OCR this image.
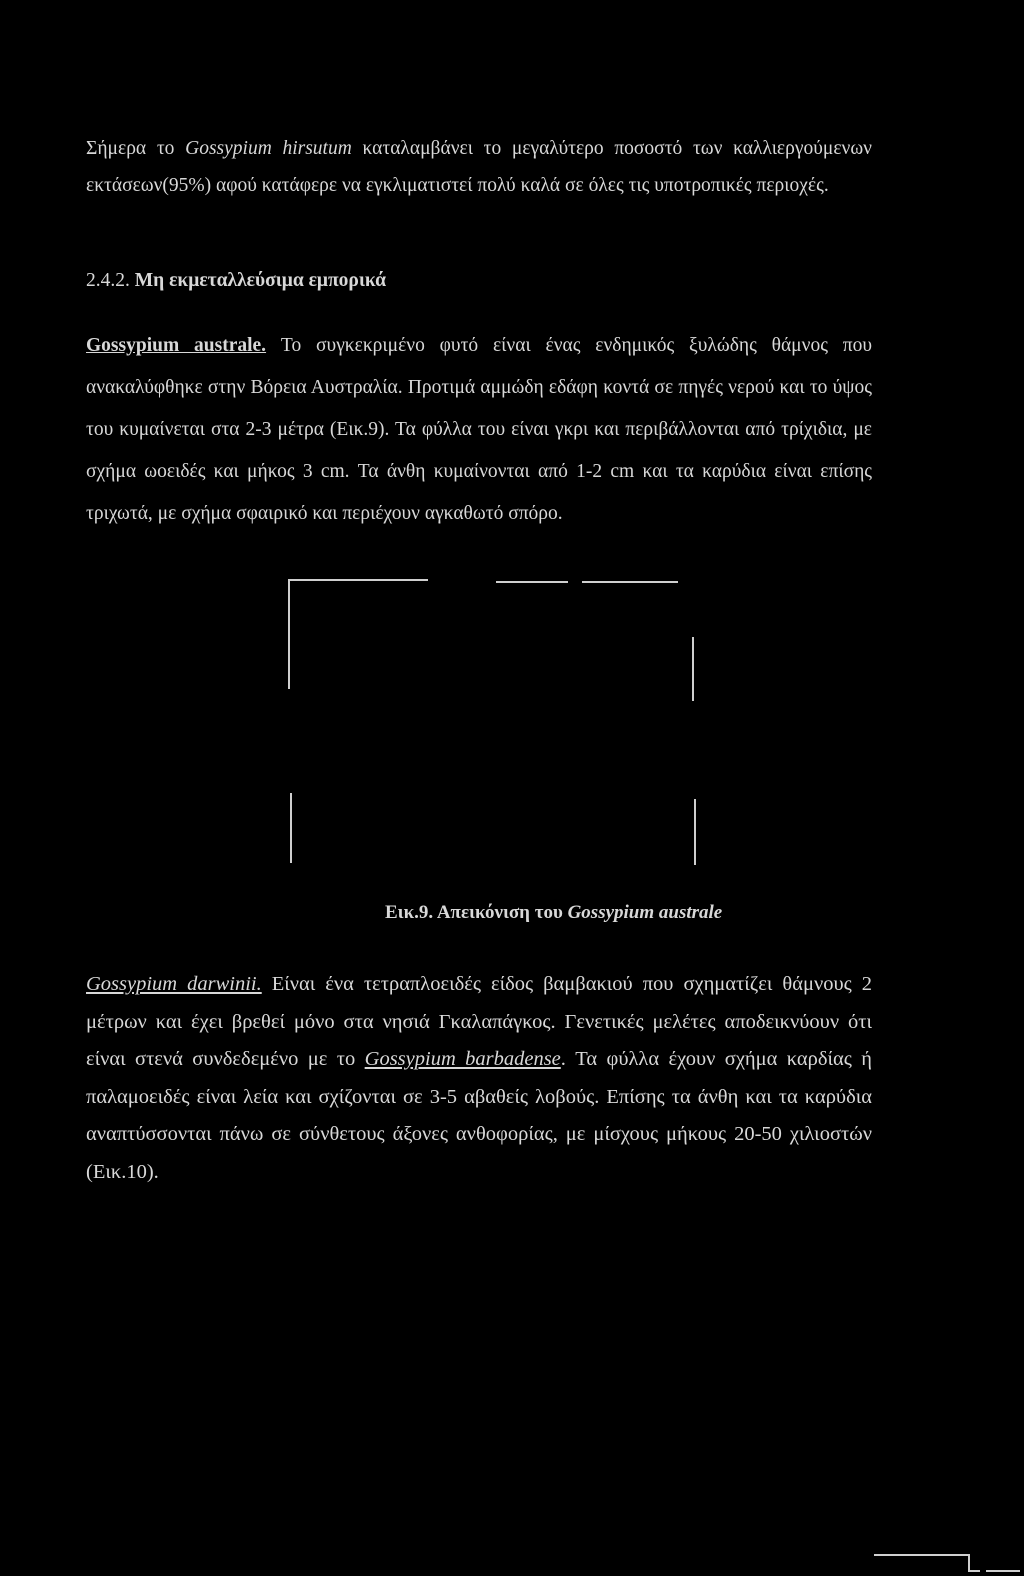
Σήμερα το Gossypium hirsutum καταλαμβάνει το μεγαλύτερο ποσοστό των καλλιεργούμενων εκτάσεων(95%) αφού κατάφερε να εγκλιματιστεί πολύ καλά σε όλες τις υποτροπικές περιοχές.

2.4.2. Μη εκμεταλλεύσιμα εμπορικά

Gossypium australe. Το συγκεκριμένο φυτό είναι ένας ενδημικός ξυλώδης θάμνος που ανακαλύφθηκε στην Βόρεια Αυστραλία. Προτιμά αμμώδη εδάφη κοντά σε πηγές νερού και το ύψος του κυμαίνεται στα 2-3 μέτρα (Εικ.9). Τα φύλλα του είναι γκρι και περιβάλλονται από τρίχιδια, με σχήμα ωοειδές και μήκος 3 cm. Τα άνθη κυμαίνονται από 1-2 cm και τα καρύδια είναι επίσης τριχωτά, με σχήμα σφαιρικό και περιέχουν αγκαθωτό σπόρο.

Εικ.9. Απεικόνιση του Gossypium australe

Gossypium darwinii. Είναι ένα τετραπλοειδές είδος βαμβακιού που σχηματίζει θάμνους 2 μέτρων και έχει βρεθεί μόνο στα νησιά Γκαλαπάγκος. Γενετικές μελέτες αποδεικνύουν ότι είναι στενά συνδεδεμένο με το Gossypium barbadense. Τα φύλλα έχουν σχήμα καρδίας ή παλαμοειδές είναι λεία και σχίζονται σε 3-5 αβαθείς λοβούς. Επίσης τα άνθη και τα καρύδια αναπτύσσονται πάνω σε σύνθετους άξονες ανθοφορίας, με μίσχους μήκους 20-50 χιλιοστών (Εικ.10).
